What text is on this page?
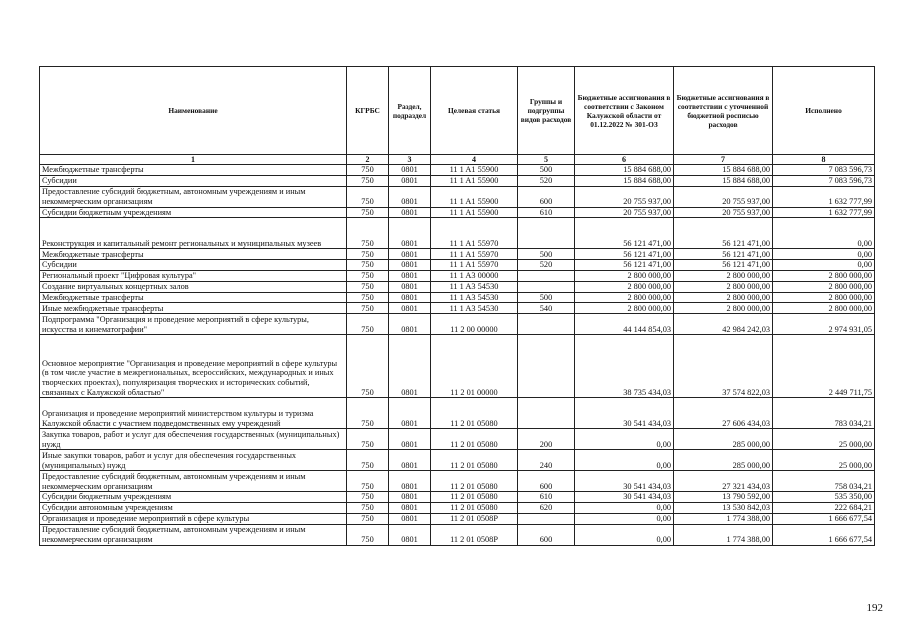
Наименование	КГРБС	Раздел, подраздел	Целевая статья	Группы и подгруппы видов расходов	Бюджетные ассигнования в соответствии с Законом Калужской области от 01.12.2022 № 301-ОЗ	Бюджетные ассигнования в соответствии с уточненной бюджетной росписью расходов	Исполнено
1	2	3	4	5	6	7	8
Межбюджетные трансферты	750	0801	11 1 A1 55900	500	15 884 688,00	15 884 688,00	7 083 596,73
Субсидии	750	0801	11 1 A1 55900	520	15 884 688,00	15 884 688,00	7 083 596,73
Предоставление субсидий бюджетным, автономным учреждениям и иным некоммерческим организациям	750	0801	11 1 A1 55900	600	20 755 937,00	20 755 937,00	1 632 777,99
Субсидии бюджетным учреждениям	750	0801	11 1 A1 55900	610	20 755 937,00	20 755 937,00	1 632 777,99
Реконструкция и капитальный ремонт региональных и муниципальных музеев	750	0801	11 1 A1 55970		56 121 471,00	56 121 471,00	0,00
Межбюджетные трансферты	750	0801	11 1 A1 55970	500	56 121 471,00	56 121 471,00	0,00
Субсидии	750	0801	11 1 A1 55970	520	56 121 471,00	56 121 471,00	0,00
Региональный проект "Цифровая культура"	750	0801	11 1 A3 00000		2 800 000,00	2 800 000,00	2 800 000,00
Создание виртуальных концертных залов	750	0801	11 1 A3 54530		2 800 000,00	2 800 000,00	2 800 000,00
Межбюджетные трансферты	750	0801	11 1 A3 54530	500	2 800 000,00	2 800 000,00	2 800 000,00
Иные межбюджетные трансферты	750	0801	11 1 A3 54530	540	2 800 000,00	2 800 000,00	2 800 000,00
Подпрограмма "Организация и проведение мероприятий в сфере культуры, искусства и кинематографии"	750	0801	11 2 00 00000		44 144 854,03	42 984 242,03	2 974 931,05
Основное мероприятие "Организация и проведение мероприятий в сфере культуры (в том числе участие в межрегиональных, всероссийских, международных и иных творческих проектах), популяризация творческих и исторических событий, связанных с Калужской областью"	750	0801	11 2 01 00000		38 735 434,03	37 574 822,03	2 449 711,75
Организация и проведение мероприятий министерством культуры и туризма Калужской области с участием подведомственных ему учреждений	750	0801	11 2 01 05080		30 541 434,03	27 606 434,03	783 034,21
Закупка товаров, работ и услуг для обеспечения государственных (муниципальных) нужд	750	0801	11 2 01 05080	200	0,00	285 000,00	25 000,00
Иные закупки товаров, работ и услуг для обеспечения государственных (муниципальных) нужд	750	0801	11 2 01 05080	240	0,00	285 000,00	25 000,00
Предоставление субсидий бюджетным, автономным учреждениям и иным некоммерческим организациям	750	0801	11 2 01 05080	600	30 541 434,03	27 321 434,03	758 034,21
Субсидии бюджетным учреждениям	750	0801	11 2 01 05080	610	30 541 434,03	13 790 592,00	535 350,00
Субсидии автономным учреждениям	750	0801	11 2 01 05080	620	0,00	13 530 842,03	222 684,21
Организация и проведение мероприятий в сфере культуры	750	0801	11 2 01 0508Р		0,00	1 774 388,00	1 666 677,54
Предоставление субсидий бюджетным, автономным учреждениям и иным некоммерческим организациям	750	0801	11 2 01 0508Р	600	0,00	1 774 388,00	1 666 677,54
192
